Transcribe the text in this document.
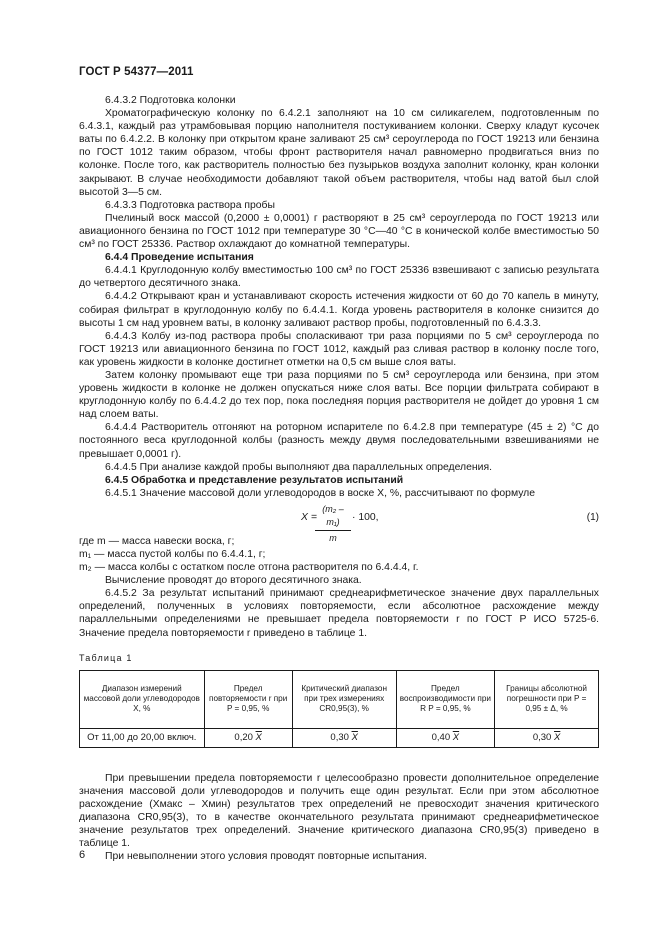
ГОСТ Р 54377—2011

6.4.3.2 Подготовка колонки

Хроматографическую колонку по 6.4.2.1 заполняют на 10 см силикагелем, подготовленным по 6.4.3.1, каждый раз утрамбовывая порцию наполнителя постукиванием колонки. Сверху кладут кусочек ваты по 6.4.2.2. В колонку при открытом кране заливают 25 см³ сероуглерода по ГОСТ 19213 или бензина по ГОСТ 1012 таким образом, чтобы фронт растворителя начал равномерно продвигаться вниз по колонке. После того, как растворитель полностью без пузырьков воздуха заполнит колонку, кран колонки закрывают. В случае необходимости добавляют такой объем растворителя, чтобы над ватой был слой высотой 3—5 см.

6.4.3.3 Подготовка раствора пробы

Пчелиный воск массой (0,2000 ± 0,0001) г растворяют в 25 см³ сероуглерода по ГОСТ 19213 или авиационного бензина по ГОСТ 1012 при температуре 30 °С—40 °С в конической колбе вместимостью 50 см³ по ГОСТ 25336. Раствор охлаждают до комнатной температуры.

6.4.4 Проведение испытания

6.4.4.1 Круглодонную колбу вместимостью 100 см³ по ГОСТ 25336 взвешивают с записью результата до четвертого десятичного знака.

6.4.4.2 Открывают кран и устанавливают скорость истечения жидкости от 60 до 70 капель в минуту, собирая фильтрат в круглодонную колбу по 6.4.4.1. Когда уровень растворителя в колонке снизится до высоты 1 см над уровнем ваты, в колонку заливают раствор пробы, подготовленный по 6.4.3.3.

6.4.4.3 Колбу из-под раствора пробы споласкивают три раза порциями по 5 см³ сероуглерода по ГОСТ 19213 или авиационного бензина по ГОСТ 1012, каждый раз сливая раствор в колонку после того, как уровень жидкости в колонке достигнет отметки на 0,5 см выше слоя ваты.

Затем колонку промывают еще три раза порциями по 5 см³ сероуглерода или бензина, при этом уровень жидкости в колонке не должен опускаться ниже слоя ваты. Все порции фильтрата собирают в круглодонную колбу по 6.4.4.2 до тех пор, пока последняя порция растворителя не дойдет до уровня 1 см над слоем ваты.

6.4.4.4 Растворитель отгоняют на роторном испарителе по 6.4.2.8 при температуре (45 ± 2) °С до постоянного веса круглодонной колбы (разность между двумя последовательными взвешиваниями не превышает 0,0001 г).

6.4.4.5 При анализе каждой пробы выполняют два параллельных определения.

6.4.5 Обработка и представление результатов испытаний

6.4.5.1 Значение массовой доли углеводородов в воске X, %, рассчитывают по формуле

X =
$\frac{\text{(m₂ – m₁)}}{m} \cdot 100$,	(1)

где m — масса навески воска, г;

m₁ — масса пустой колбы по 6.4.4.1, г;

m₂ — масса колбы с остатком после отгона растворителя по 6.4.4.4, г.

Вычисление проводят до второго десятичного знака.

6.4.5.2 За результат испытаний принимают среднеарифметическое значение двух параллельных определений, полученных в условиях повторяемости, если абсолютное расхождение между параллельными определениями не превышает предела повторяемости r по ГОСТ Р ИСО 5725-6. Значение предела повторяемости r приведено в таблице 1.

Таблица 1
Диапазон измерений массовой доли углеводородов X, %	Предел повторяемости r при P = 0,95, %	Критический диапазон при трех измерениях CR0,95(3), %	Предел воспроизводимости при R P = 0,95, %	Границы абсолютной погрешности при P = 0,95 ± Δ, %
От 11,00 до 20,00 включ.	0,20 $\overline{X}$	0,30 $\overline{X}$	0,40 $\overline{X}$	0,30 $\overline{X}$

При превышении предела повторяемости r целесообразно провести дополнительное определение значения массовой доли углеводородов и получить еще один результат. Если при этом абсолютное расхождение (Xмакс – Xмин) результатов трех определений не превосходит значения критического диапазона CR0,95(3), то в качестве окончательного результата принимают среднеарифметическое значение результатов трех определений. Значение критического диапазона CR0,95(3) приведено в таблице 1.

При невыполнении этого условия проводят повторные испытания.

6
